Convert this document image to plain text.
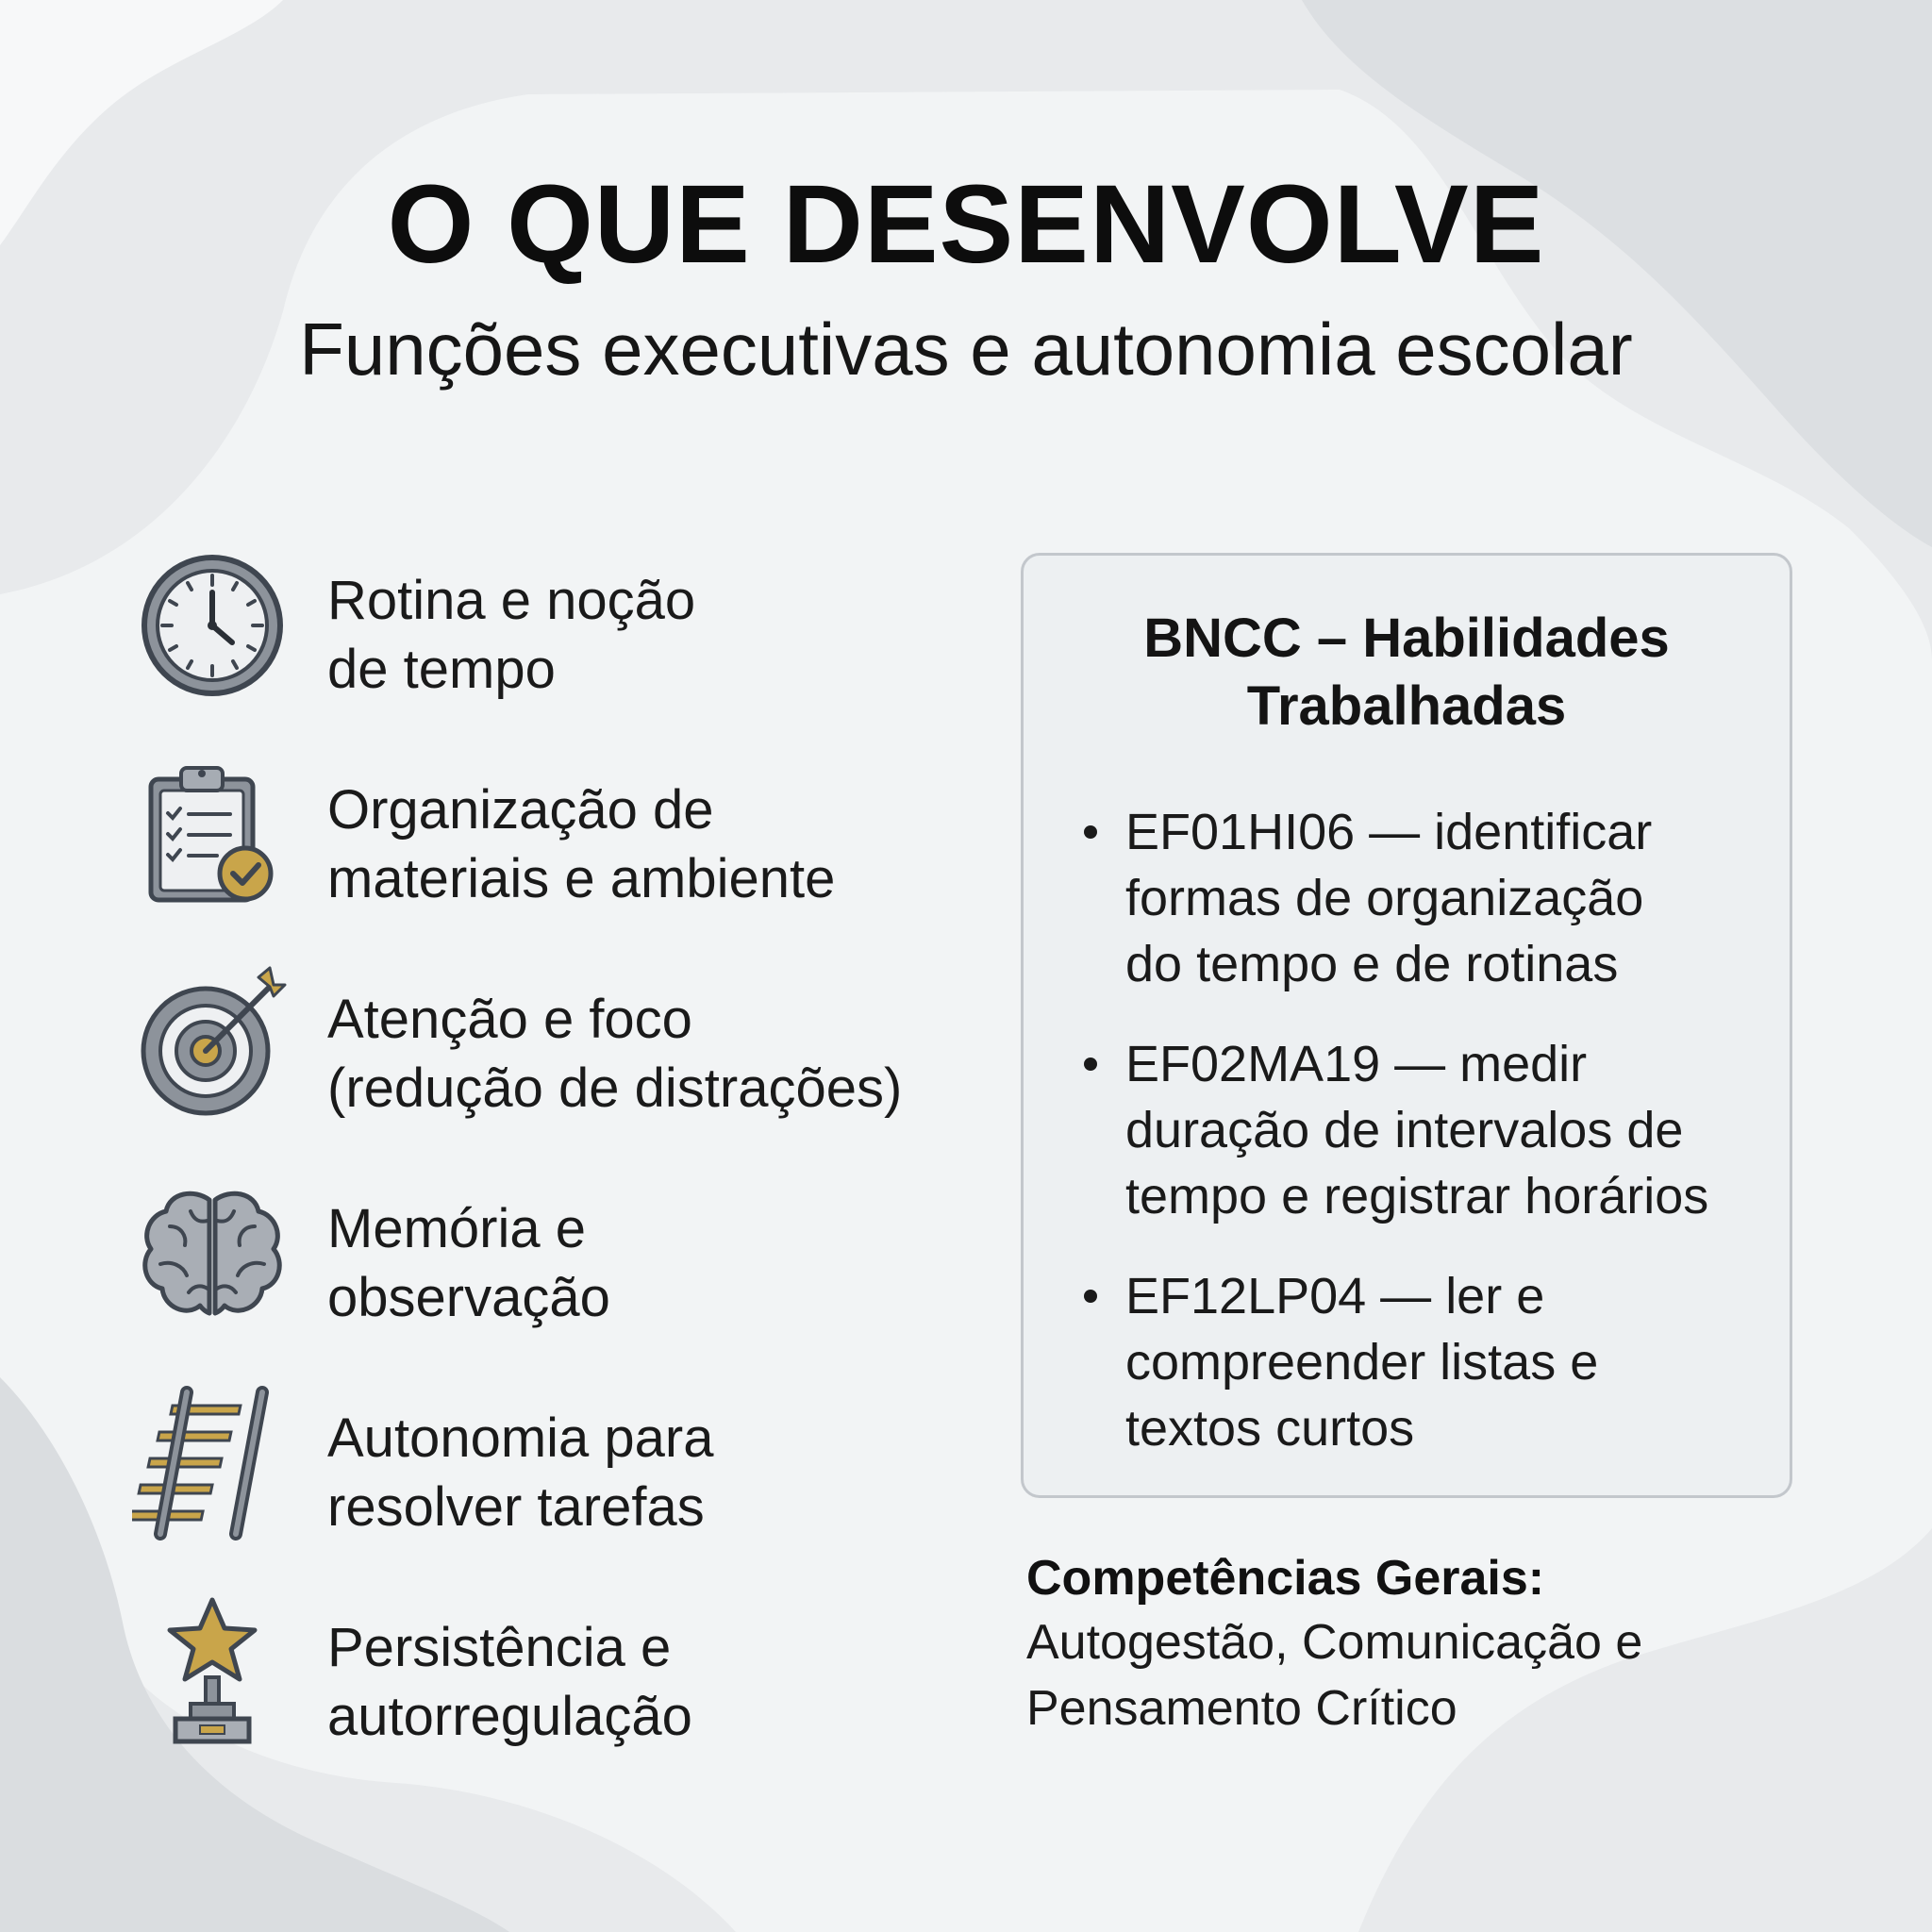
O QUE DESENVOLVE
Funções executivas e autonomia escolar
Rotina e noção
de tempo
Organização de
materiais e ambiente
Atenção e foco
(redução de distrações)
Memória e
observação
Autonomia para
resolver tarefas
Persistência e
autorregulação
BNCC – Habilidades
Trabalhadas
EF01HI06 — identificar
formas de organização
do tempo e de rotinas
EF02MA19 — medir
duração de intervalos de
tempo e registrar horários
EF12LP04 — ler e
compreender listas e
textos curtos
Competências Gerais:
Autogestão, Comunicação e
Pensamento Crítico
